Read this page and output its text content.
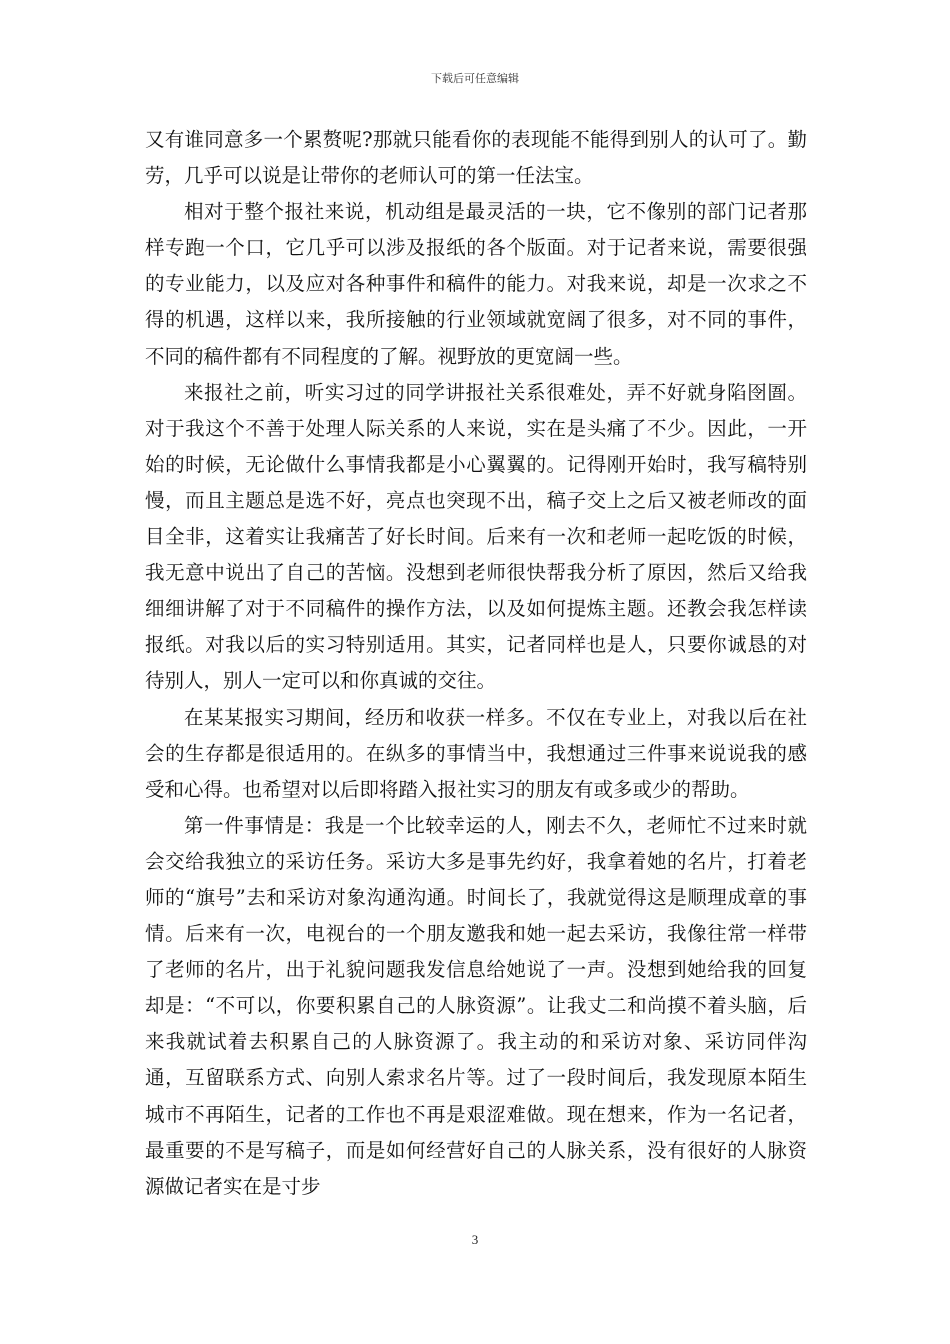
下载后可任意编辑

又有谁同意多一个累赘呢?那就只能看你的表现能不能得到别人的认可了。勤劳，几乎可以说是让带你的老师认可的第一任法宝。

相对于整个报社来说，机动组是最灵活的一块，它不像别的部门记者那样专跑一个口，它几乎可以涉及报纸的各个版面。对于记者来说，需要很强的专业能力，以及应对各种事件和稿件的能力。对我来说，却是一次求之不得的机遇，这样以来，我所接触的行业领域就宽阔了很多，对不同的事件，不同的稿件都有不同程度的了解。视野放的更宽阔一些。

来报社之前，听实习过的同学讲报社关系很难处，弄不好就身陷囹圄。对于我这个不善于处理人际关系的人来说，实在是头痛了不少。因此，一开始的时候，无论做什么事情我都是小心翼翼的。记得刚开始时，我写稿特别慢，而且主题总是选不好，亮点也突现不出，稿子交上之后又被老师改的面目全非，这着实让我痛苦了好长时间。后来有一次和老师一起吃饭的时候，我无意中说出了自己的苦恼。没想到老师很快帮我分析了原因，然后又给我细细讲解了对于不同稿件的操作方法，以及如何提炼主题。还教会我怎样读报纸。对我以后的实习特别适用。其实，记者同样也是人，只要你诚恳的对待别人，别人一定可以和你真诚的交往。

在某某报实习期间，经历和收获一样多。不仅在专业上，对我以后在社会的生存都是很适用的。在纵多的事情当中，我想通过三件事来说说我的感受和心得。也希望对以后即将踏入报社实习的朋友有或多或少的帮助。

第一件事情是：我是一个比较幸运的人，刚去不久，老师忙不过来时就会交给我独立的采访任务。采访大多是事先约好，我拿着她的名片，打着老师的“旗号”去和采访对象沟通沟通。时间长了，我就觉得这是顺理成章的事情。后来有一次，电视台的一个朋友邀我和她一起去采访，我像往常一样带了老师的名片，出于礼貌问题我发信息给她说了一声。没想到她给我的回复却是：“不可以，你要积累自己的人脉资源”。让我丈二和尚摸不着头脑，后来我就试着去积累自己的人脉资源了。我主动的和采访对象、采访同伴沟通，互留联系方式、向别人索求名片等。过了一段时间后，我发现原本陌生城市不再陌生，记者的工作也不再是艰涩难做。现在想来，作为一名记者，最重要的不是写稿子，而是如何经营好自己的人脉关系，没有很好的人脉资源做记者实在是寸步

3
